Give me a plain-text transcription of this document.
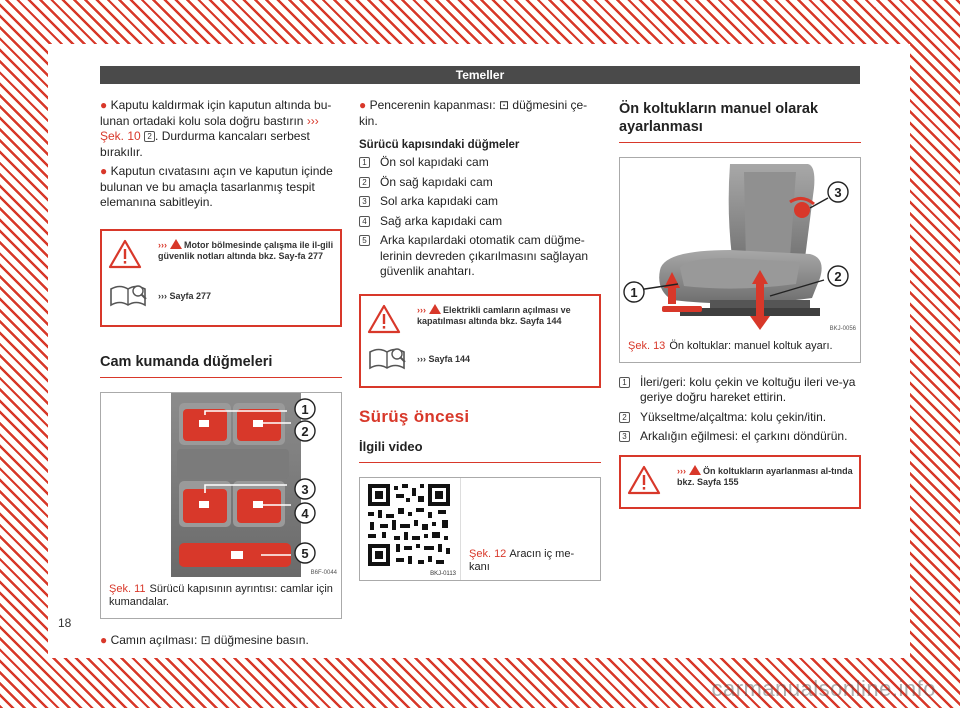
Temeller

● Kaputu kaldırmak için kaputun altında bu-lunan ortadaki kolu sola doğru bastırın ››› Şek. 10 2 . Durdurma kancaları serbest bırakılır.

● Kaputun cıvatasını açın ve kaputun içinde bulunan ve bu amaçla tasarlanmış tespit elemanına sabitleyin.

››› Motor bölmesinde çalışma ile il-gili güvenlik notları altında bkz. Say-fa 277
››› Sayfa 277
Cam kumanda düğmeleri
1
2
3
4
5
B6F-0044
Şek. 11 Sürücü kapısının ayrıntısı: camlar için kumandalar.

● Camın açılması: ⊡ düğmesine basın.

● Pencerenin kapanması: ⊡ düğmesini çe-kin.

Sürücü kapısındaki düğmeler
1 Ön sol kapıdaki cam
2 Ön sağ kapıdaki cam
3 Sol arka kapıdaki cam
4 Sağ arka kapıdaki cam
5 Arka kapılardaki otomatik cam düğme-lerinin devreden çıkarılmasını sağlayan güvenlik anahtarı.
››› Elektrikli camların açılması ve kapatılması altında bkz. Sayfa 144
››› Sayfa 144
Sürüş öncesi
İlgili video
BKJ-0113
Şek. 12 Aracın iç me-kanı
Ön koltukların manuel olarak ayarlanması
3
2
1
BKJ-0056
Şek. 13 Ön koltuklar: manuel koltuk ayarı.
1 İleri/geri: kolu çekin ve koltuğu ileri ve-ya geriye doğru hareket ettirin.
2 Yükseltme/alçaltma: kolu çekin/itin.
3 Arkalığın eğilmesi: el çarkını döndürün.
››› Ön koltukların ayarlanması al-tında bkz. Sayfa 155
18
carmanualsonline.info
